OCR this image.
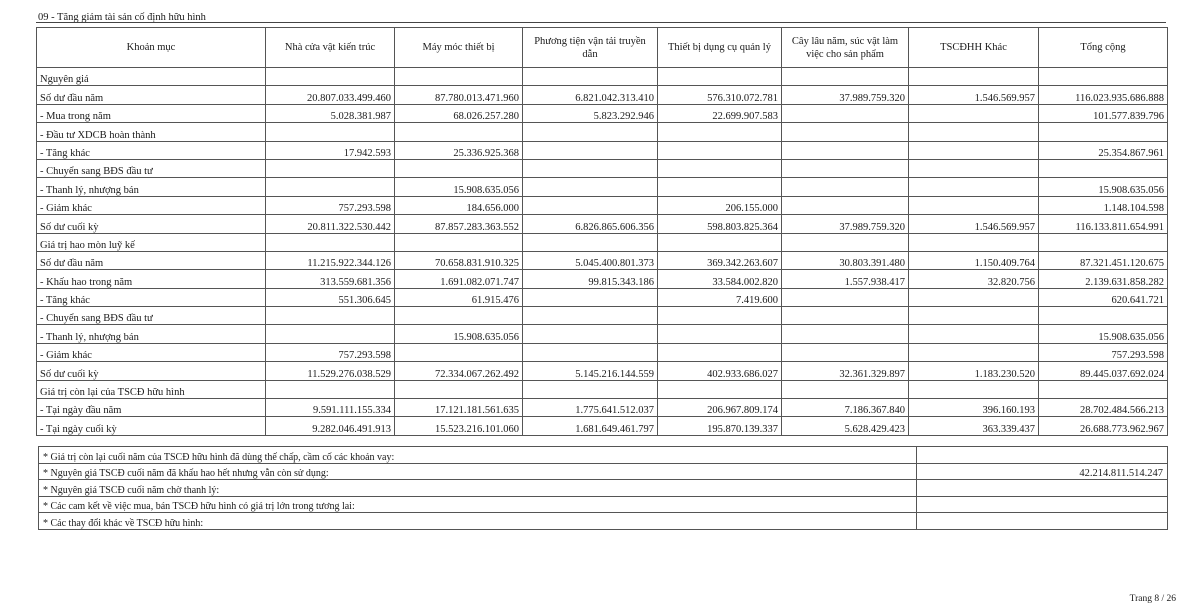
09 - Tăng giảm tài sản cố định hữu hình
Khoản mục	Nhà cửa vật kiến trúc	Máy móc thiết bị	Phương tiện vận tải truyền dẫn	Thiết bị dụng cụ quản lý	Cây lâu năm, súc vật làm việc cho sản phẩm	TSCĐHH Khác	Tổng cộng
Nguyên giá							
Số dư đầu năm	20.807.033.499.460	87.780.013.471.960	6.821.042.313.410	576.310.072.781	37.989.759.320	1.546.569.957	116.023.935.686.888
- Mua trong năm	5.028.381.987	68.026.257.280	5.823.292.946	22.699.907.583			101.577.839.796
- Đầu tư XDCB hoàn thành							
- Tăng khác	17.942.593	25.336.925.368					25.354.867.961
- Chuyển sang BĐS đầu tư							
- Thanh lý, nhượng bán		15.908.635.056					15.908.635.056
- Giảm khác	757.293.598	184.656.000		206.155.000			1.148.104.598
Số dư cuối kỳ	20.811.322.530.442	87.857.283.363.552	6.826.865.606.356	598.803.825.364	37.989.759.320	1.546.569.957	116.133.811.654.991
Giá trị hao mòn luỹ kế							
Số dư đầu năm	11.215.922.344.126	70.658.831.910.325	5.045.400.801.373	369.342.263.607	30.803.391.480	1.150.409.764	87.321.451.120.675
- Khấu hao trong năm	313.559.681.356	1.691.082.071.747	99.815.343.186	33.584.002.820	1.557.938.417	32.820.756	2.139.631.858.282
- Tăng khác	551.306.645	61.915.476		7.419.600			620.641.721
- Chuyển sang BĐS đầu tư							
- Thanh lý, nhượng bán		15.908.635.056					15.908.635.056
- Giảm khác	757.293.598						757.293.598
Số dư cuối kỳ	11.529.276.038.529	72.334.067.262.492	5.145.216.144.559	402.933.686.027	32.361.329.897	1.183.230.520	89.445.037.692.024
Giá trị còn lại của TSCĐ hữu hình							
- Tại ngày đầu năm	9.591.111.155.334	17.121.181.561.635	1.775.641.512.037	206.967.809.174	7.186.367.840	396.160.193	28.702.484.566.213
- Tại ngày cuối kỳ	9.282.046.491.913	15.523.216.101.060	1.681.649.461.797	195.870.139.337	5.628.429.423	363.339.437	26.688.773.962.967
* Giá trị còn lại cuối năm của TSCĐ hữu hình đã dùng thế chấp, cầm cố các khoản vay:	
* Nguyên giá TSCĐ cuối năm đã khấu hao hết nhưng vẫn còn sử dụng:	42.214.811.514.247
* Nguyên giá TSCĐ cuối năm chờ thanh lý:	
* Các cam kết về việc mua, bán TSCĐ hữu hình có giá trị lớn trong tương lai:	
* Các thay đổi khác về TSCĐ hữu hình:	
Trang 8 / 26
